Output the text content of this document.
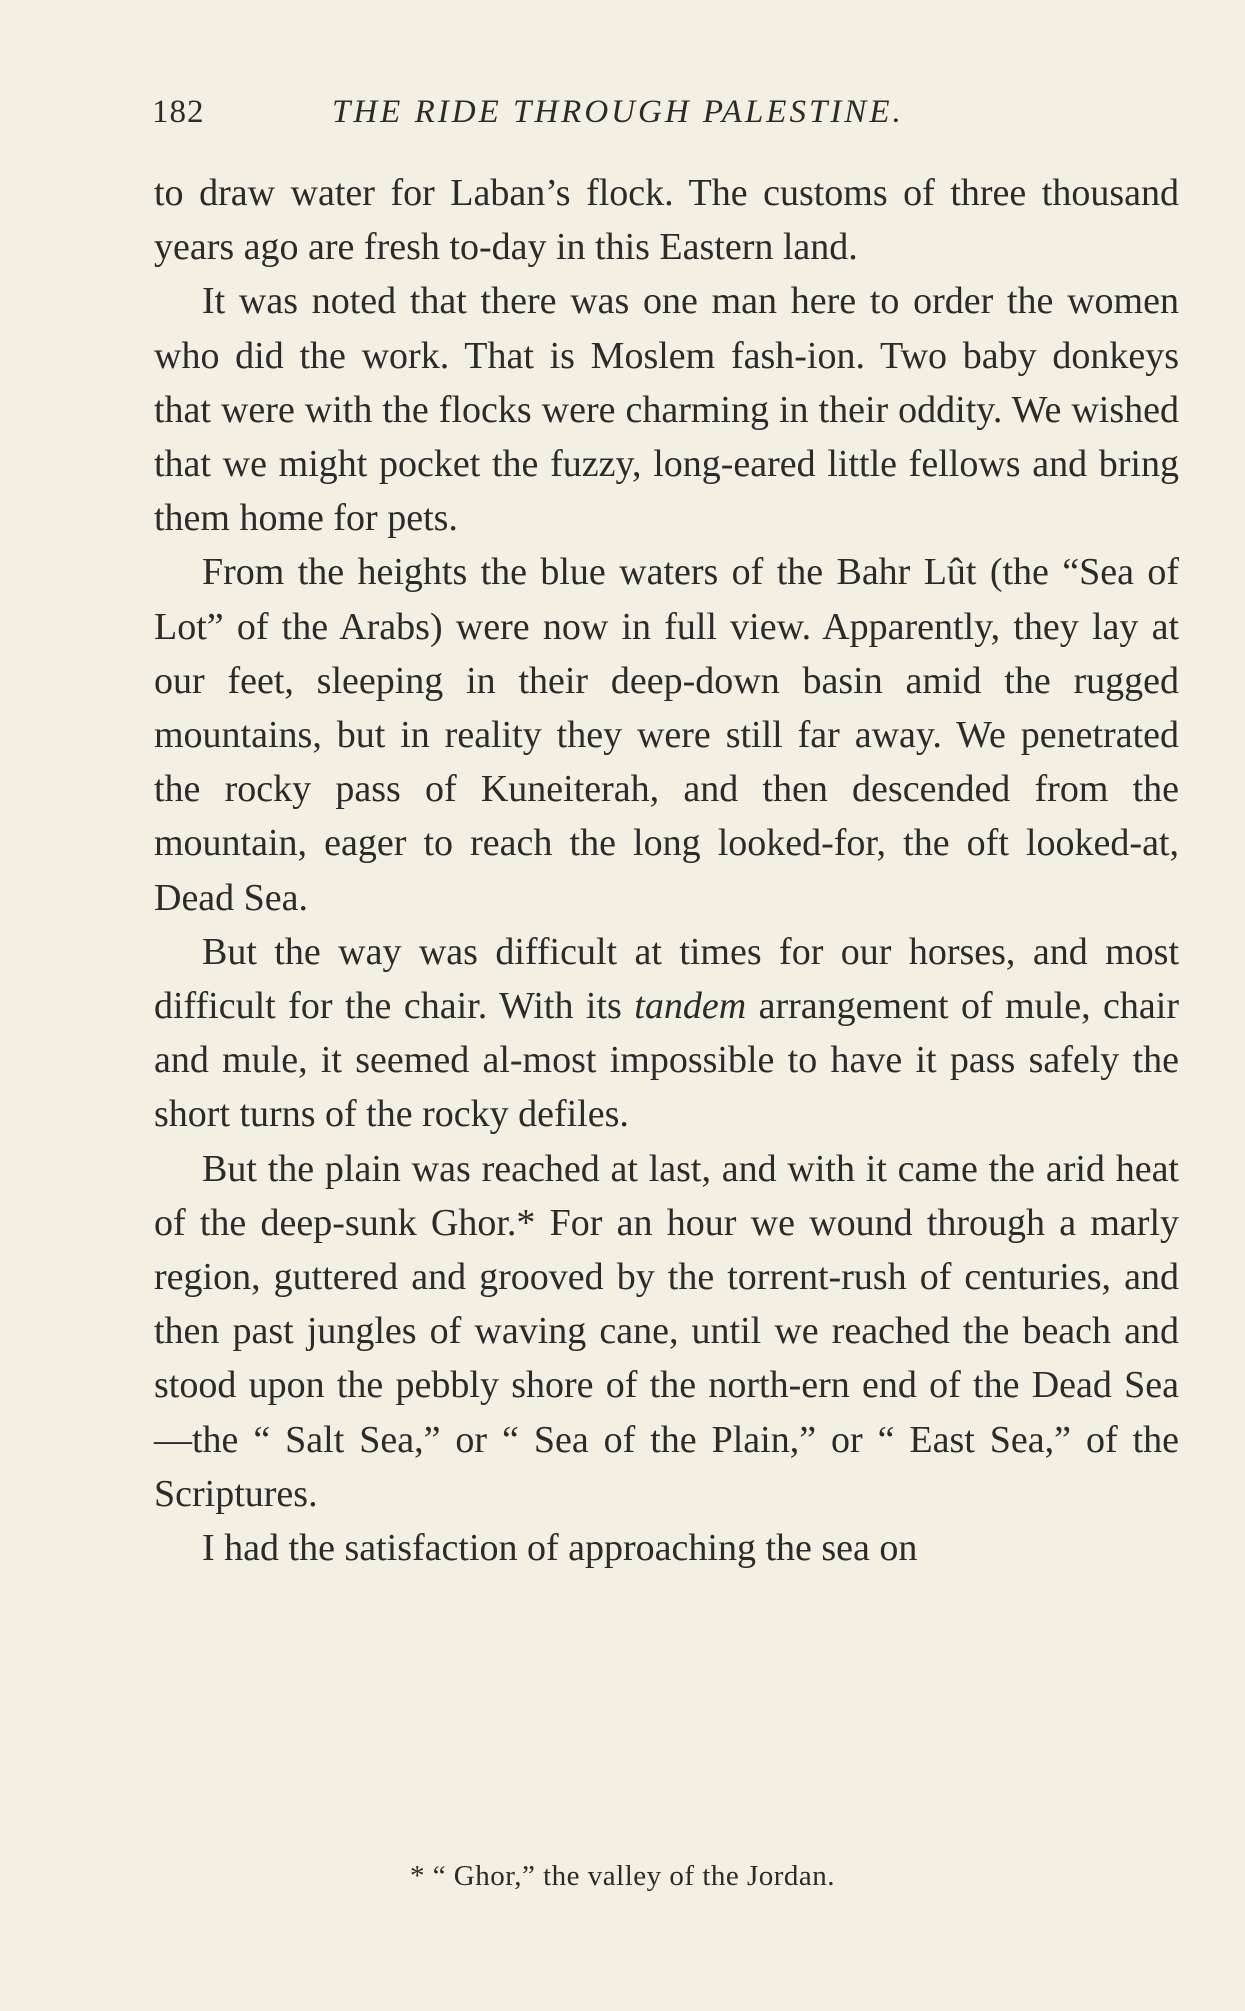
182	THE RIDE THROUGH PALESTINE.

to draw water for Laban’s flock. The customs of three thousand years ago are fresh to-day in this Eastern land.

It was noted that there was one man here to order the women who did the work. That is Moslem fash-ion. Two baby donkeys that were with the flocks were charming in their oddity. We wished that we might pocket the fuzzy, long-eared little fellows and bring them home for pets.

From the heights the blue waters of the Bahr Lût (the “Sea of Lot” of the Arabs) were now in full view. Apparently, they lay at our feet, sleeping in their deep-down basin amid the rugged mountains, but in reality they were still far away. We penetrated the rocky pass of Kuneiterah, and then descended from the mountain, eager to reach the long looked-for, the oft looked-at, Dead Sea.

But the way was difficult at times for our horses, and most difficult for the chair. With its tandem arrangement of mule, chair and mule, it seemed al-most impossible to have it pass safely the short turns of the rocky defiles.

But the plain was reached at last, and with it came the arid heat of the deep-sunk Ghor.* For an hour we wound through a marly region, guttered and grooved by the torrent-rush of centuries, and then past jungles of waving cane, until we reached the beach and stood upon the pebbly shore of the north-ern end of the Dead Sea—the “ Salt Sea,” or “ Sea of the Plain,” or “ East Sea,” of the Scriptures.

I had the satisfaction of approaching the sea on

* “ Ghor,” the valley of the Jordan.
